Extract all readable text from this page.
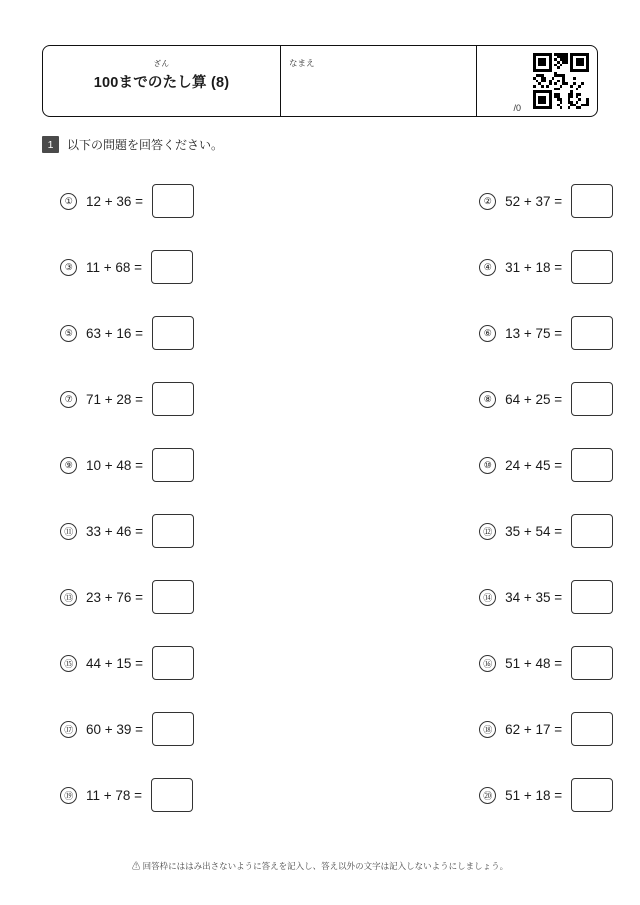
ざん
100までのたし算 (8)
なまえ
/0
1	以下の問題を回答ください。
①	12 + 36 =	②	52 + 37 =
③	11 + 68 =	④	31 + 18 =
⑤	63 + 16 =	⑥	13 + 75 =
⑦	71 + 28 =	⑧	64 + 25 =
⑨	10 + 48 =	⑩	24 + 45 =
⑪ 33 + 46 =	⑫ 35 + 54 =
⑬ 23 + 76 =	⑭ 34 + 35 =
⑮ 44 + 15 =	⑯ 51 + 48 =
⑰ 60 + 39 =	⑱ 62 + 17 =
⑲ 11 + 78 =	⑳ 51 + 18 =
⚠ 回答枠にははみ出さないように答えを記入し、答え以外の文字は記入しないようにしましょう。
